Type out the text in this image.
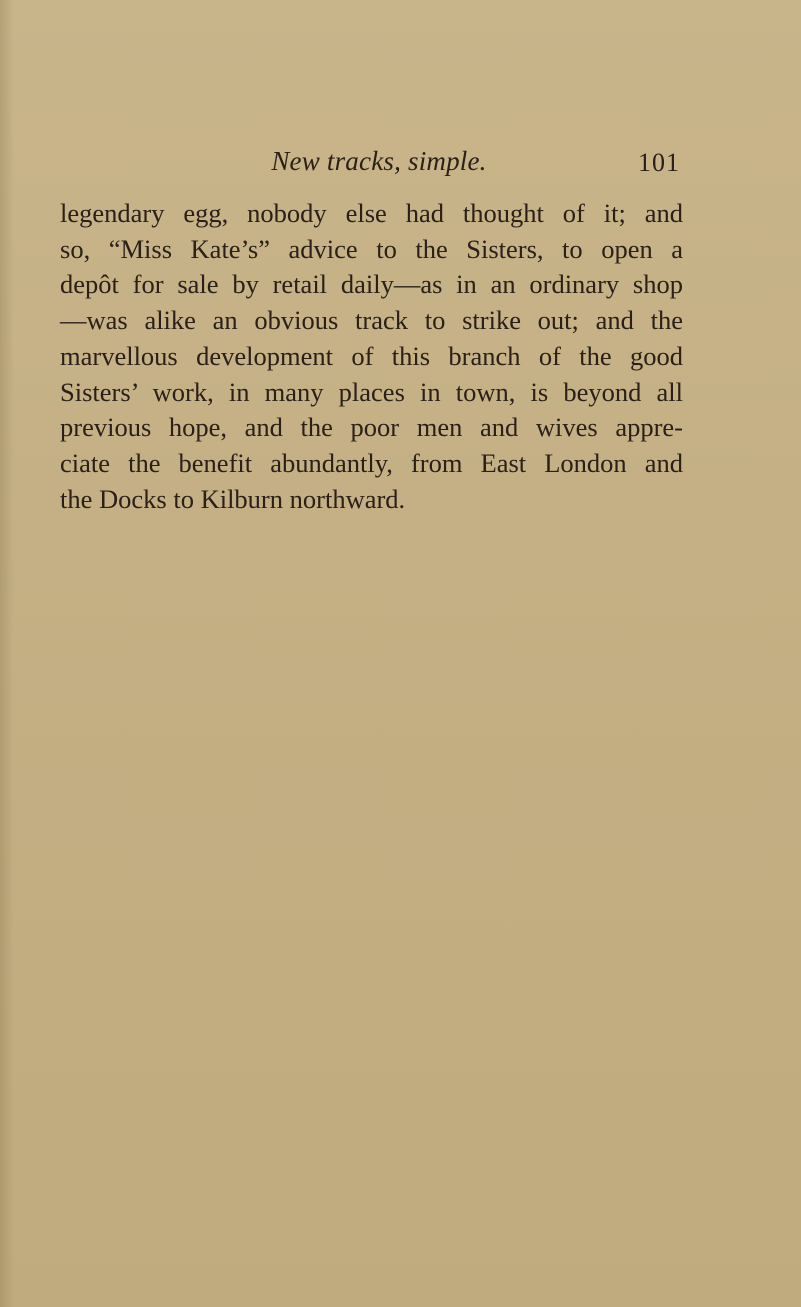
New tracks, simple.	101
legendary egg, nobody else had thought of it; and
so, “Miss Kate’s” advice to the Sisters, to open a
depôt for sale by retail daily—as in an ordinary shop
—was alike an obvious track to strike out; and the
marvellous development of this branch of the good
Sisters’ work, in many places in town, is beyond all
previous hope, and the poor men and wives appre-
ciate the benefit abundantly, from East London and
the Docks to Kilburn northward.
